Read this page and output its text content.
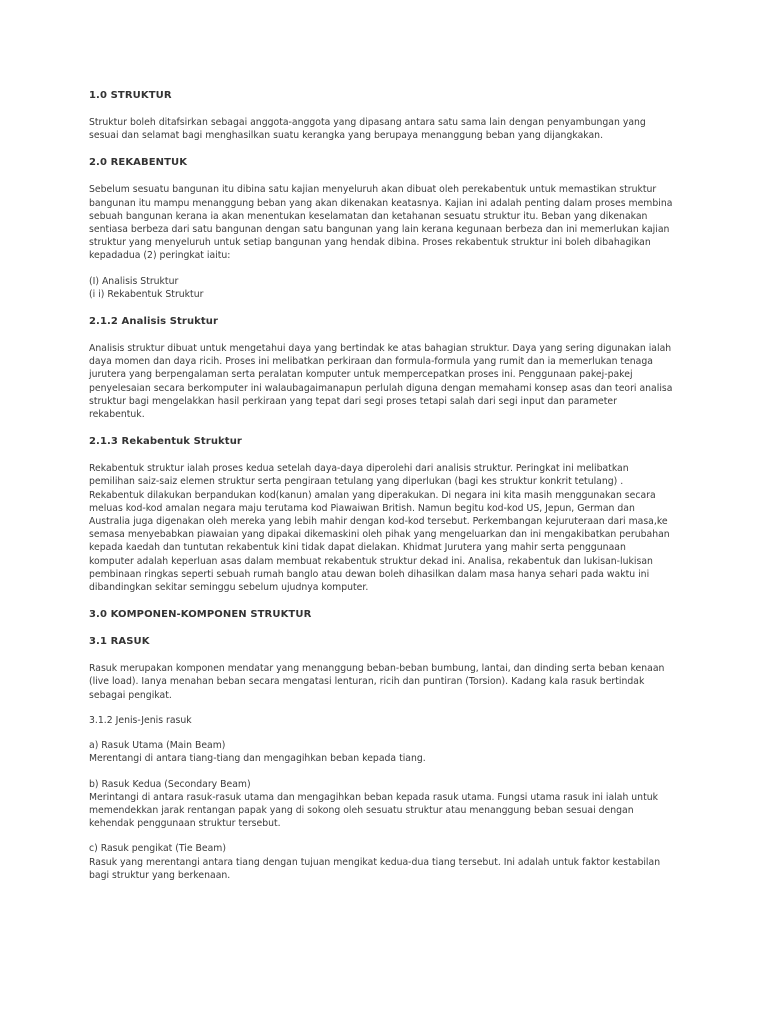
1.0 STRUKTUR

Struktur boleh ditafsirkan sebagai anggota-anggota yang dipasang antara satu sama lain dengan penyambungan yang
sesuai dan selamat bagi menghasilkan suatu kerangka yang berupaya menanggung beban yang dijangkakan.

2.0 REKABENTUK

Sebelum sesuatu bangunan itu dibina satu kajian menyeluruh akan dibuat oleh perekabentuk untuk memastikan struktur
bangunan itu mampu menanggung beban yang akan dikenakan keatasnya. Kajian ini adalah penting dalam proses membina
sebuah bangunan kerana ia akan menentukan keselamatan dan ketahanan sesuatu struktur itu. Beban yang dikenakan
sentiasa berbeza dari satu bangunan dengan satu bangunan yang lain kerana kegunaan berbeza dan ini memerlukan kajian
struktur yang menyeluruh untuk setiap bangunan yang hendak dibina. Proses rekabentuk struktur ini boleh dibahagikan
kepadadua (2) peringkat iaitu:

(I) Analisis Struktur
(i i) Rekabentuk Struktur

2.1.2 Analisis Struktur

Analisis struktur dibuat untuk mengetahui daya yang bertindak ke atas bahagian struktur. Daya yang sering digunakan ialah
daya momen dan daya ricih. Proses ini melibatkan perkiraan dan formula-formula yang rumit dan ia memerlukan tenaga
jurutera yang berpengalaman serta peralatan komputer untuk mempercepatkan proses ini. Penggunaan pakej-pakej
penyelesaian secara berkomputer ini walaubagaimanapun perlulah diguna dengan memahami konsep asas dan teori analisa
struktur bagi mengelakkan hasil perkiraan yang tepat dari segi proses tetapi salah dari segi input dan parameter
rekabentuk.

2.1.3 Rekabentuk Struktur

Rekabentuk struktur ialah proses kedua setelah daya-daya diperolehi dari analisis struktur. Peringkat ini melibatkan
pemilihan saiz-saiz elemen struktur serta pengiraan tetulang yang diperlukan (bagi kes struktur konkrit tetulang) .
Rekabentuk dilakukan berpandukan kod(kanun) amalan yang diperakukan. Di negara ini kita masih menggunakan secara
meluas kod-kod amalan negara maju terutama kod Piawaiwan British. Namun begitu kod-kod US, Jepun, German dan
Australia juga digenakan oleh mereka yang lebih mahir dengan kod-kod tersebut. Perkembangan kejuruteraan dari masa,ke
semasa menyebabkan piawaian yang dipakai dikemaskini oleh pihak yang mengeluarkan dan ini mengakibatkan perubahan
kepada kaedah dan tuntutan rekabentuk kini tidak dapat dielakan. Khidmat Jurutera yang mahir serta penggunaan
komputer adalah keperluan asas dalam membuat rekabentuk struktur dekad ini. Analisa, rekabentuk dan lukisan-lukisan
pembinaan ringkas seperti sebuah rumah banglo atau dewan boleh dihasilkan dalam masa hanya sehari pada waktu ini
dibandingkan sekitar seminggu sebelum ujudnya komputer.

3.0 KOMPONEN-KOMPONEN STRUKTUR
3.1 RASUK

Rasuk merupakan komponen mendatar yang menanggung beban-beban bumbung, lantai, dan dinding serta beban kenaan
(live load). Ianya menahan beban secara mengatasi lenturan, ricih dan puntiran (Torsion). Kadang kala rasuk bertindak
sebagai pengikat.

3.1.2 Jenis-Jenis rasuk

a) Rasuk Utama (Main Beam)
Merentangi di antara tiang-tiang dan mengagihkan beban kepada tiang.

b) Rasuk Kedua (Secondary Beam)
Merintangi di antara rasuk-rasuk utama dan mengagihkan beban kepada rasuk utama. Fungsi utama rasuk ini ialah untuk
memendekkan jarak rentangan papak yang di sokong oleh sesuatu struktur atau menanggung beban sesuai dengan
kehendak penggunaan struktur tersebut.

c) Rasuk pengikat (Tie Beam)
Rasuk yang merentangi antara tiang dengan tujuan mengikat kedua-dua tiang tersebut. Ini adalah untuk faktor kestabilan
bagi struktur yang berkenaan.
